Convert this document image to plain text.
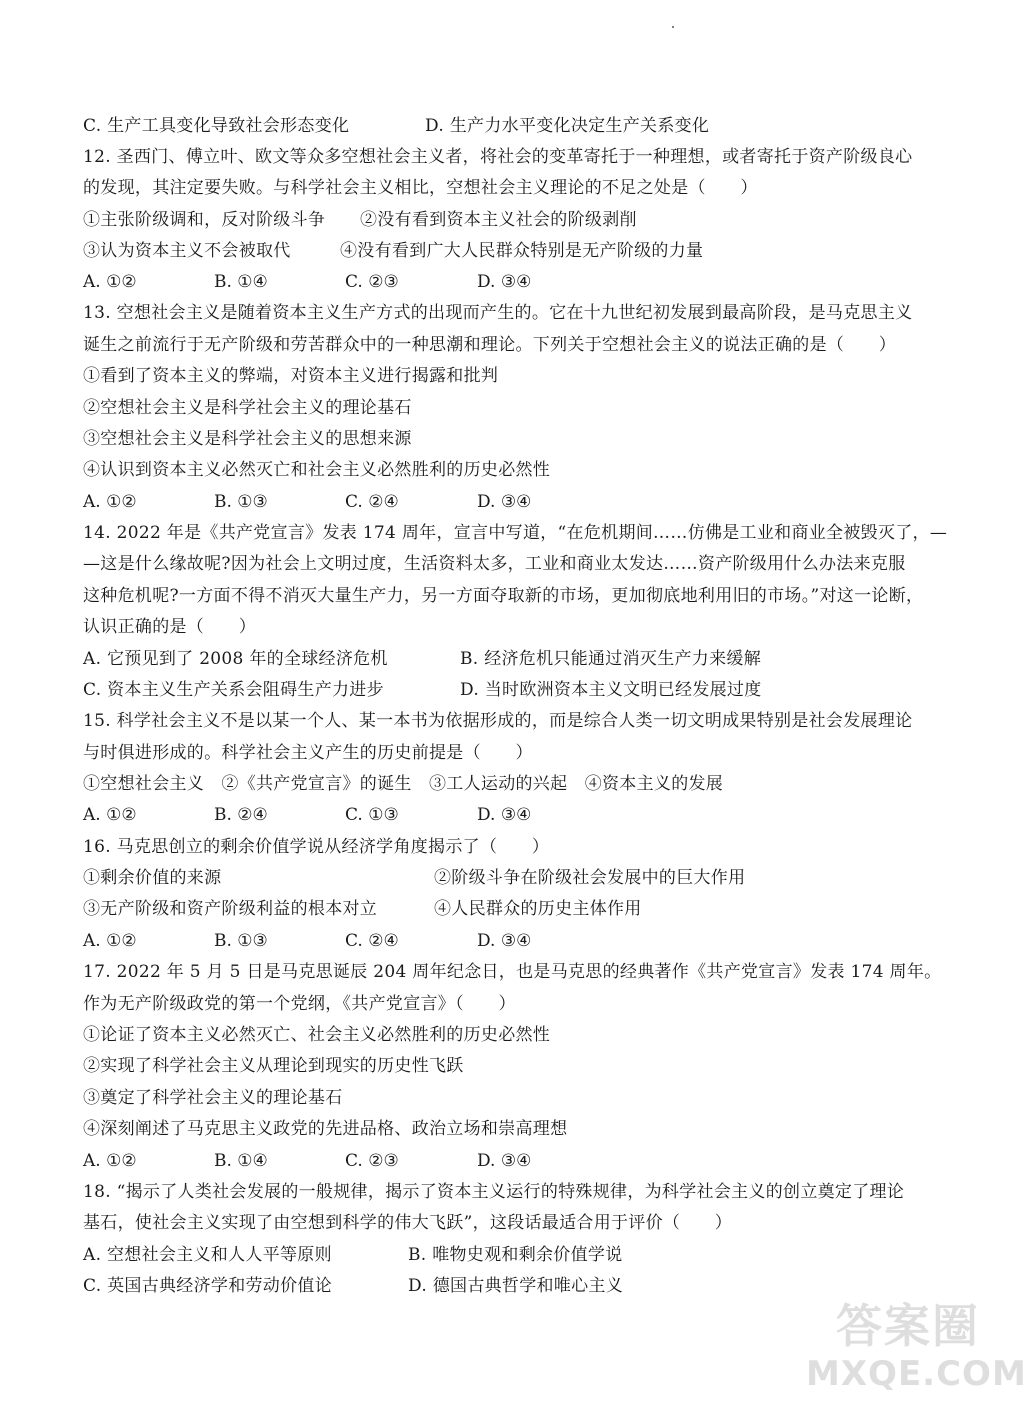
C. 生产工具变化导致社会形态变化	D. 生产力水平变化决定生产关系变化
12. 圣西门、傅立叶、欧文等众多空想社会主义者，将社会的变革寄托于一种理想，或者寄托于资产阶级良心
的发现，其注定要失败。与科学社会主义相比，空想社会主义理论的不足之处是（　　）
①主张阶级调和，反对阶级斗争 ②没有看到资本主义社会的阶级剥削
③认为资本主义不会被取代	④没有看到广大人民群众特别是无产阶级的力量
A. ①②	B. ①④	C. ②③	D. ③④
13. 空想社会主义是随着资本主义生产方式的出现而产生的。它在十九世纪初发展到最高阶段，是马克思主义
诞生之前流行于无产阶级和劳苦群众中的一种思潮和理论。下列关于空想社会主义的说法正确的是（　　）
①看到了资本主义的弊端，对资本主义进行揭露和批判
②空想社会主义是科学社会主义的理论基石
③空想社会主义是科学社会主义的思想来源
④认识到资本主义必然灭亡和社会主义必然胜利的历史必然性
A. ①②	B. ①③	C. ②④	D. ③④
14. 2022 年是《共产党宣言》发表 174 周年，宣言中写道，“在危机期间……仿佛是工业和商业全被毁灭了，—
—这是什么缘故呢?因为社会上文明过度，生活资料太多，工业和商业太发达……资产阶级用什么办法来克服
这种危机呢?一方面不得不消灭大量生产力，另一方面夺取新的市场，更加彻底地利用旧的市场。”对这一论断，
认识正确的是（　　）
A. 它预见到了 2008 年的全球经济危机	B. 经济危机只能通过消灭生产力来缓解
C. 资本主义生产关系会阻碍生产力进步	D. 当时欧洲资本主义文明已经发展过度
15. 科学社会主义不是以某一个人、某一本书为依据形成的，而是综合人类一切文明成果特别是社会发展理论
与时俱进形成的。科学社会主义产生的历史前提是（　　）
①空想社会主义　②《共产党宣言》的诞生　③工人运动的兴起　④资本主义的发展
A. ①②	B. ②④	C. ①③	D. ③④
16. 马克思创立的剩余价值学说从经济学角度揭示了（　　）
①剩余价值的来源	②阶级斗争在阶级社会发展中的巨大作用
③无产阶级和资产阶级利益的根本对立	④人民群众的历史主体作用
A. ①②	B. ①③	C. ②④	D. ③④
17. 2022 年 5 月 5 日是马克思诞辰 204 周年纪念日，也是马克思的经典著作《共产党宣言》发表 174 周年。
作为无产阶级政党的第一个党纲，《共产党宣言》（　　）
①论证了资本主义必然灭亡、社会主义必然胜利的历史必然性
②实现了科学社会主义从理论到现实的历史性飞跃
③奠定了科学社会主义的理论基石
④深刻阐述了马克思主义政党的先进品格、政治立场和崇高理想
A. ①②	B. ①④	C. ②③	D. ③④
18. “揭示了人类社会发展的一般规律，揭示了资本主义运行的特殊规律，为科学社会主义的创立奠定了理论
基石，使社会主义实现了由空想到科学的伟大飞跃”，这段话最适合用于评价（　　）
A. 空想社会主义和人人平等原则	B. 唯物史观和剩余价值学说
C. 英国古典经济学和劳动价值论	D. 德国古典哲学和唯心主义
答案圈
MXQE.COM
